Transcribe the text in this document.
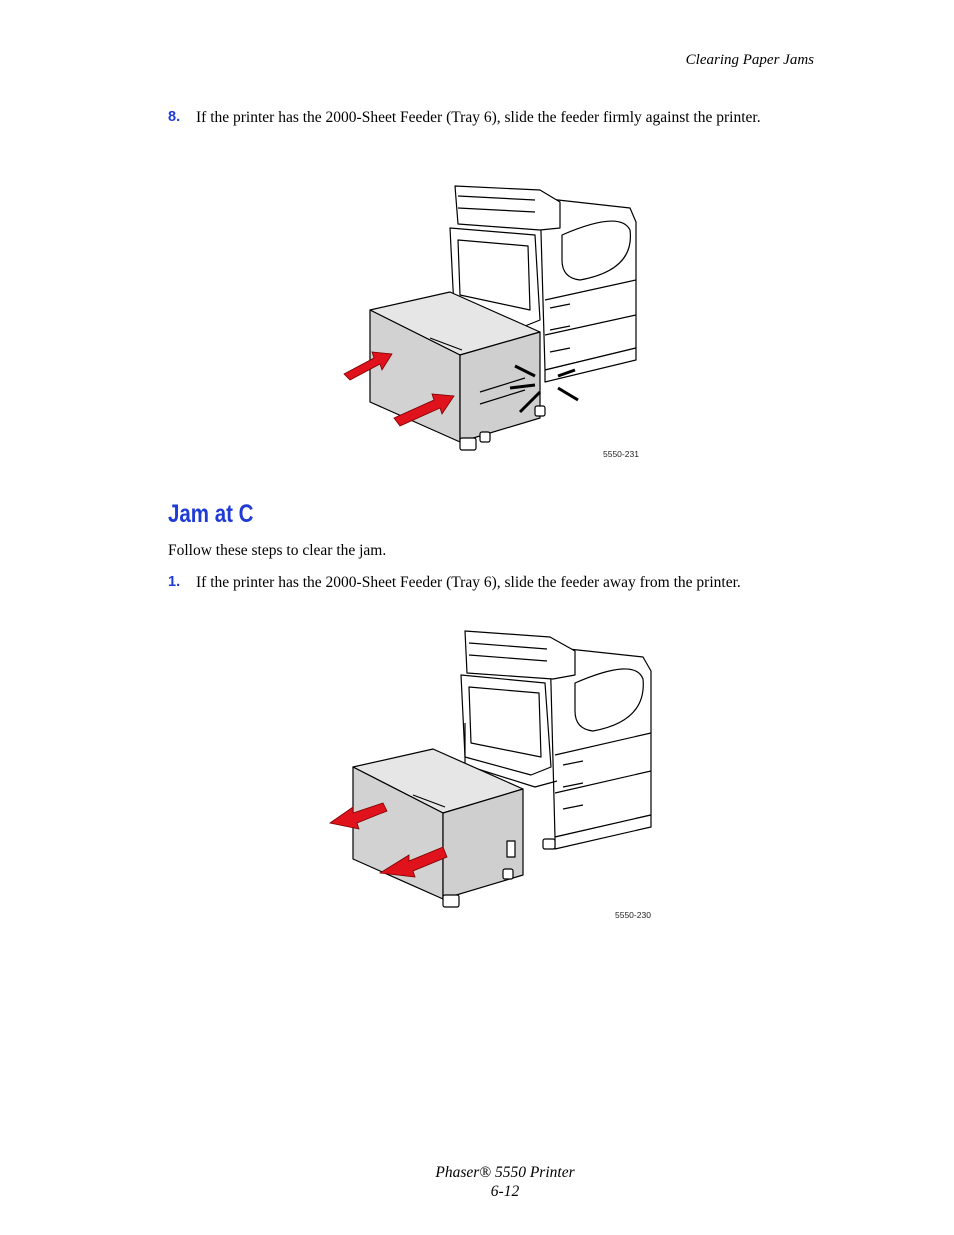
Clearing Paper Jams
8. If the printer has the 2000-Sheet Feeder (Tray 6), slide the feeder firmly against the printer.
5550-231
Jam at C
Follow these steps to clear the jam.
1. If the printer has the 2000-Sheet Feeder (Tray 6), slide the feeder away from the printer.
5550-230
Phaser® 5550 Printer
6-12
